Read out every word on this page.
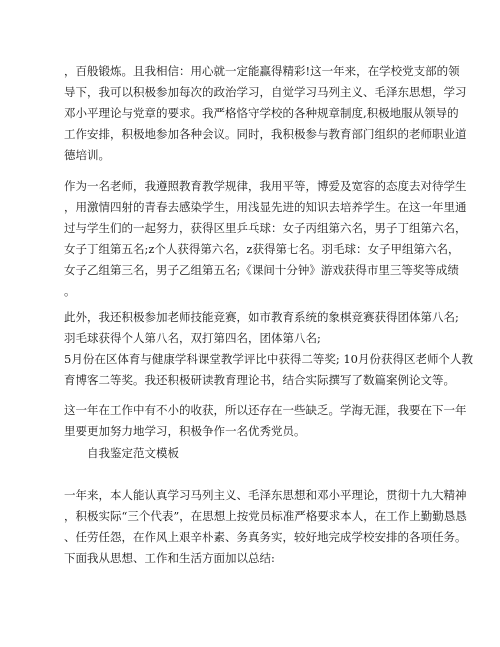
，百般锻炼。且我相信：用心就一定能赢得精彩!这一年来，在学校党支部的领
导下，我可以积极参加每次的政治学习，自觉学习马列主义、毛泽东思想，学习
邓小平理论与党章的要求。我严格恪守学校的各种规章制度,积极地服从领导的
工作安排，积极地参加各种会议。同时，我积极参与教育部门组织的老师职业道
德培训。
作为一名老师，我遵照教育教学规律，我用平等，博爱及宽容的态度去对待学生
，用激情四射的青春去感染学生，用浅显先进的知识去培养学生。在这一年里通
过与学生们的一起努力，获得区里乒乓球：女子丙组第六名，男子丁组第六名，
女子丁组第五名;z个人获得第六名，z获得第七名。羽毛球：女子甲组第六名，
女子乙组第三名，男子乙组第五名;《课间十分钟》游戏获得市里三等奖等成绩
。
此外，我还积极参加老师技能竞赛，如市教育系统的象棋竞赛获得团体第八名;
羽毛球获得个人第八名，双打第四名，团体第八名;
5月份在区体育与健康学科课堂教学评比中获得二等奖; 10月份获得区老师个人教
育博客二等奖。我还积极研读教育理论书，结合实际撰写了数篇案例论文等。
这一年在工作中有不小的收获，所以还存在一些缺乏。学海无涯，我要在下一年
里要更加努力地学习，积极争作一名优秀党员。
自我鉴定范文模板
一年来，本人能认真学习马列主义、毛泽东思想和邓小平理论，贯彻十九大精神
，积极实际“三个代表”，在思想上按党员标准严格要求本人，在工作上勤勤恳恳
、任劳任怨，在作风上艰辛朴素、务真务实，较好地完成学校安排的各项任务。
下面我从思想、工作和生活方面加以总结:
